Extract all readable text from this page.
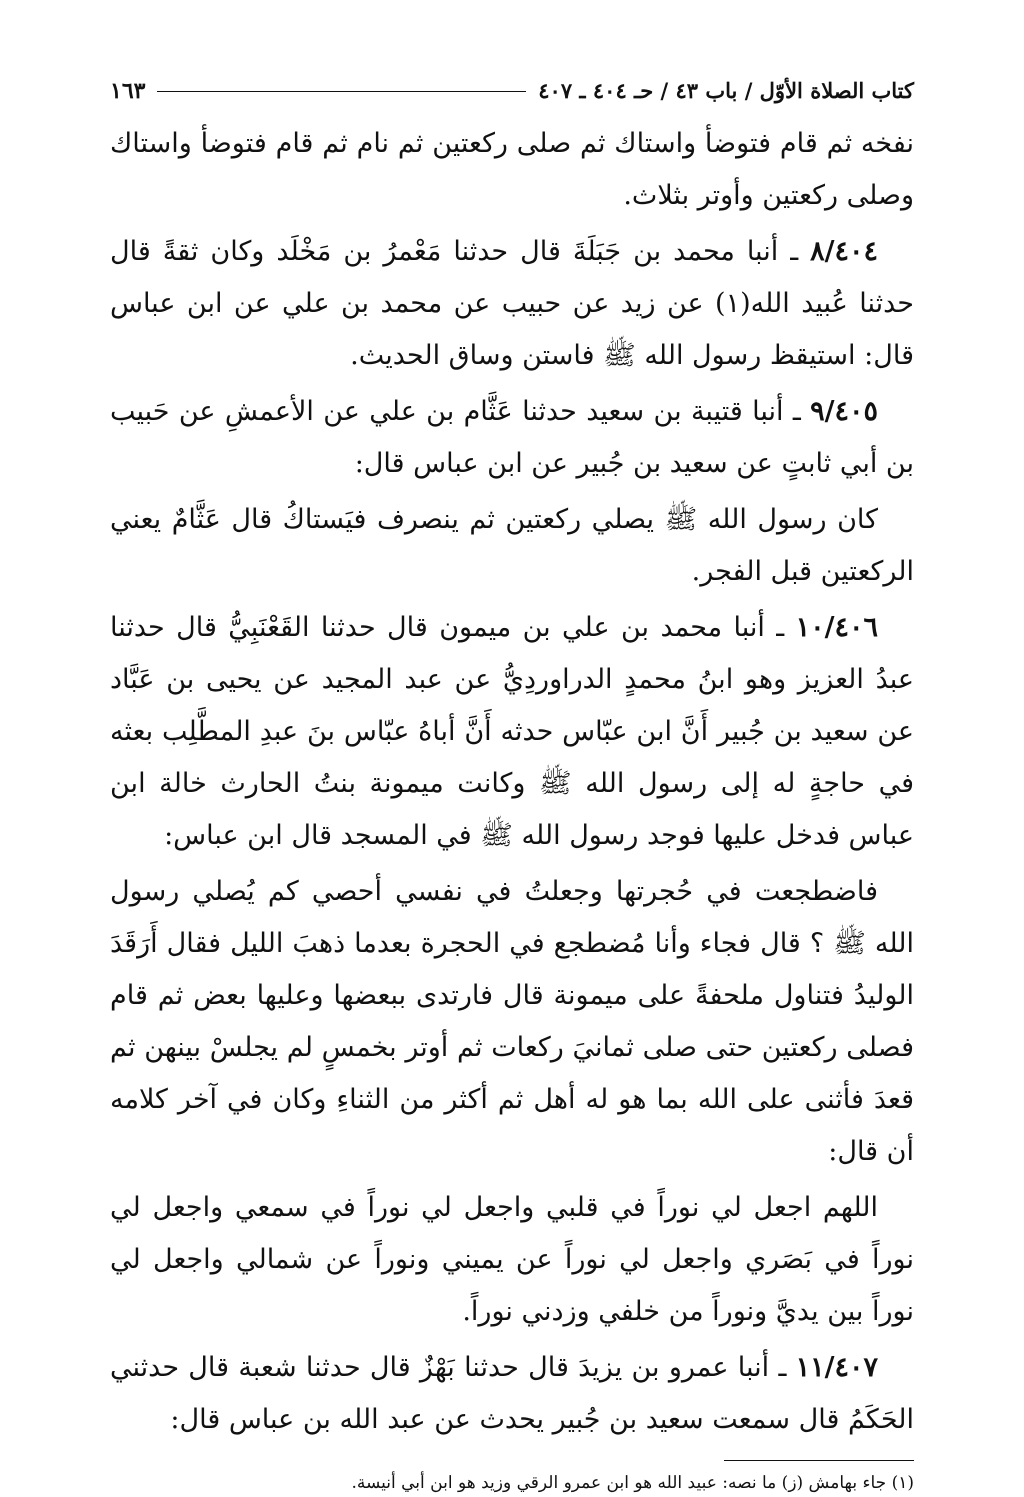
كتاب الصلاة الأوّل / باب ٤٣ / حـ ٤٠٤ ـ ٤٠٧
١٦٣

نفخه ثم قام فتوضأ واستاك ثم صلى ركعتين ثم نام ثم قام فتوضأ واستاك وصلى ركعتين وأوتر بثلاث.

٨/٤٠٤ ـ أنبا محمد بن جَبَلَةَ قال حدثنا مَعْمرُ بن مَخْلَد وكان ثقةً قال حدثنا عُبيد الله(١) عن زيد عن حبيب عن محمد بن علي عن ابن عباس قال: استيقظ رسول الله ﷺ فاستن وساق الحديث.

٩/٤٠٥ ـ أنبا قتيبة بن سعيد حدثنا عَثَّام بن علي عن الأعمشِ عن حَبيب بن أبي ثابتٍ عن سعيد بن جُبير عن ابن عباس قال:

كان رسول الله ﷺ يصلي ركعتين ثم ينصرف فيَستاكُ قال عَثَّامٌ يعني الركعتين قبل الفجر.

١٠/٤٠٦ ـ أنبا محمد بن علي بن ميمون قال حدثنا القَعْنَبِيُّ قال حدثنا عبدُ العزيز وهو ابنُ محمدٍ الدراوردِيُّ عن عبد المجيد عن يحيى بن عَبَّاد عن سعيد بن جُبير أَنَّ ابن عبّاس حدثه أَنَّ أباهُ عبّاس بنَ عبدِ المطَّلِب بعثه في حاجةٍ له إلى رسول الله ﷺ وكانت ميمونة بنتُ الحارث خالة ابن عباس فدخل عليها فوجد رسول الله ﷺ في المسجد قال ابن عباس:

فاضطجعت في حُجرتها وجعلتُ في نفسي أحصي كم يُصلي رسول الله ﷺ ؟ قال فجاء وأنا مُضطجع في الحجرة بعدما ذهبَ الليل فقال أَرَقَدَ الوليدُ فتناول ملحفةً على ميمونة قال فارتدى ببعضها وعليها بعض ثم قام فصلى ركعتين حتى صلى ثمانيَ ركعات ثم أوتر بخمسٍ لم يجلسْ بينهن ثم قعدَ فأثنى على الله بما هو له أهل ثم أكثر من الثناءِ وكان في آخر كلامه أن قال:

اللهم اجعل لي نوراً في قلبي واجعل لي نوراً في سمعي واجعل لي نوراً في بَصَري واجعل لي نوراً عن يميني ونوراً عن شمالي واجعل لي نوراً بين يديَّ ونوراً من خلفي وزدني نوراً.

١١/٤٠٧ ـ أنبا عمرو بن يزيدَ قال حدثنا بَهْزٌ قال حدثنا شعبة قال حدثني الحَكَمُ قال سمعت سعيد بن جُبير يحدث عن عبد الله بن عباس قال:

(١) جاء بهامش (ز) ما نصه: عبيد الله هو ابن عمرو الرقي وزيد هو ابن أبي أنيسة.
